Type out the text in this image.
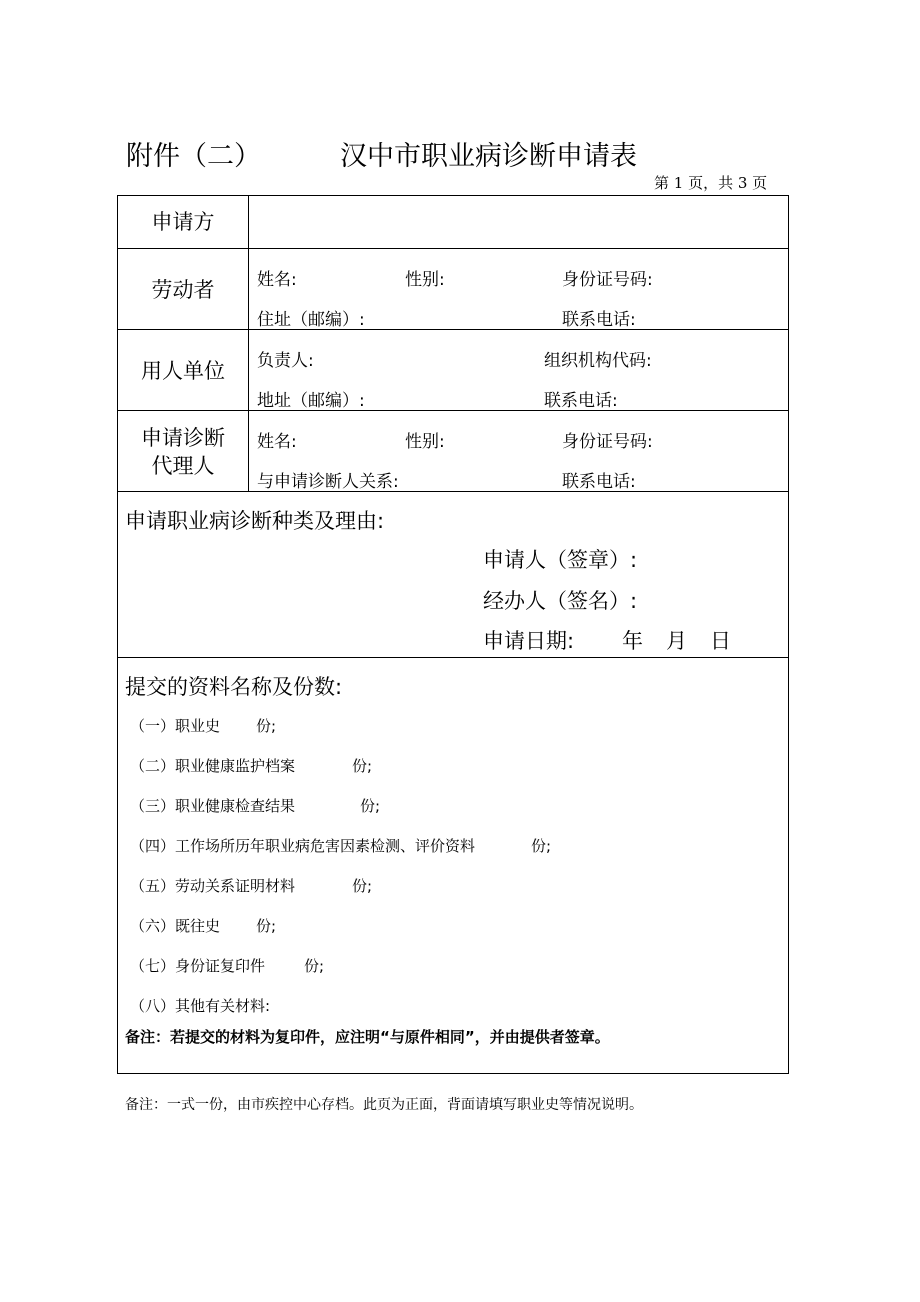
附件（二）	汉中市职业病诊断申请表
第 1 页，共 3 页
申请方
劳动者	姓名:	性别:	身份证号码:
住址（邮编）:	联系电话:
用人单位	负责人:	组织机构代码:
地址（邮编）:	联系电话:
申请诊断
代理人
姓名:	性别:	身份证号码:
与申请诊断人关系:	联系电话:
申请职业病诊断种类及理由:
申请人（签章）:
经办人（签名）:
申请日期: 年 月 日
提交的资料名称及份数:
（一）职业史 份;
（二）职业健康监护档案	份;
（三）职业健康检查结果	份;
（四）工作场所历年职业病危害因素检测、评价资料	份;
（五）劳动关系证明材料	份;
（六）既往史 份;
（七）身份证复印件	份;
（八）其他有关材料:
备注：若提交的材料为复印件，应注明“与原件相同”，并由提供者签章。
备注：一式一份，由市疾控中心存档。此页为正面，背面请填写职业史等情况说明。
